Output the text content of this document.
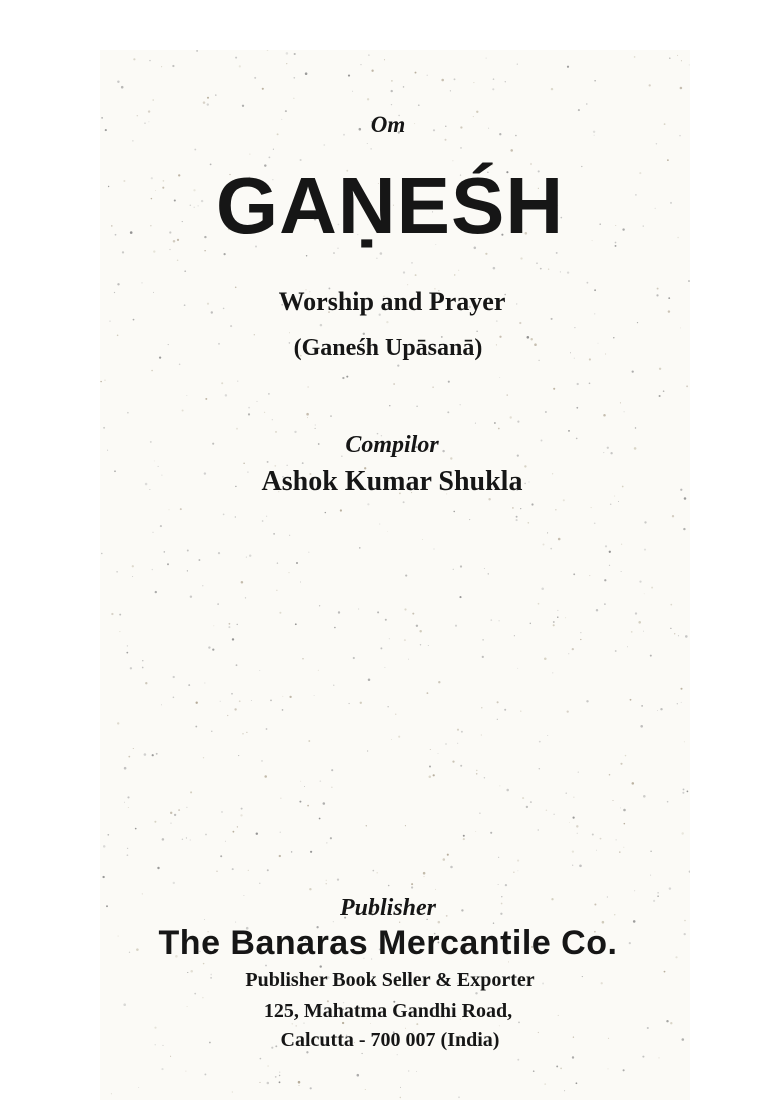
Om

GAṆEŚH

Worship and Prayer

(Ganeśh Upāsanā)

Compilor

Ashok Kumar Shukla

Publisher

The Banaras Mercantile Co.

Publisher Book Seller & Exporter

125, Mahatma Gandhi Road,

Calcutta - 700 007 (India)
